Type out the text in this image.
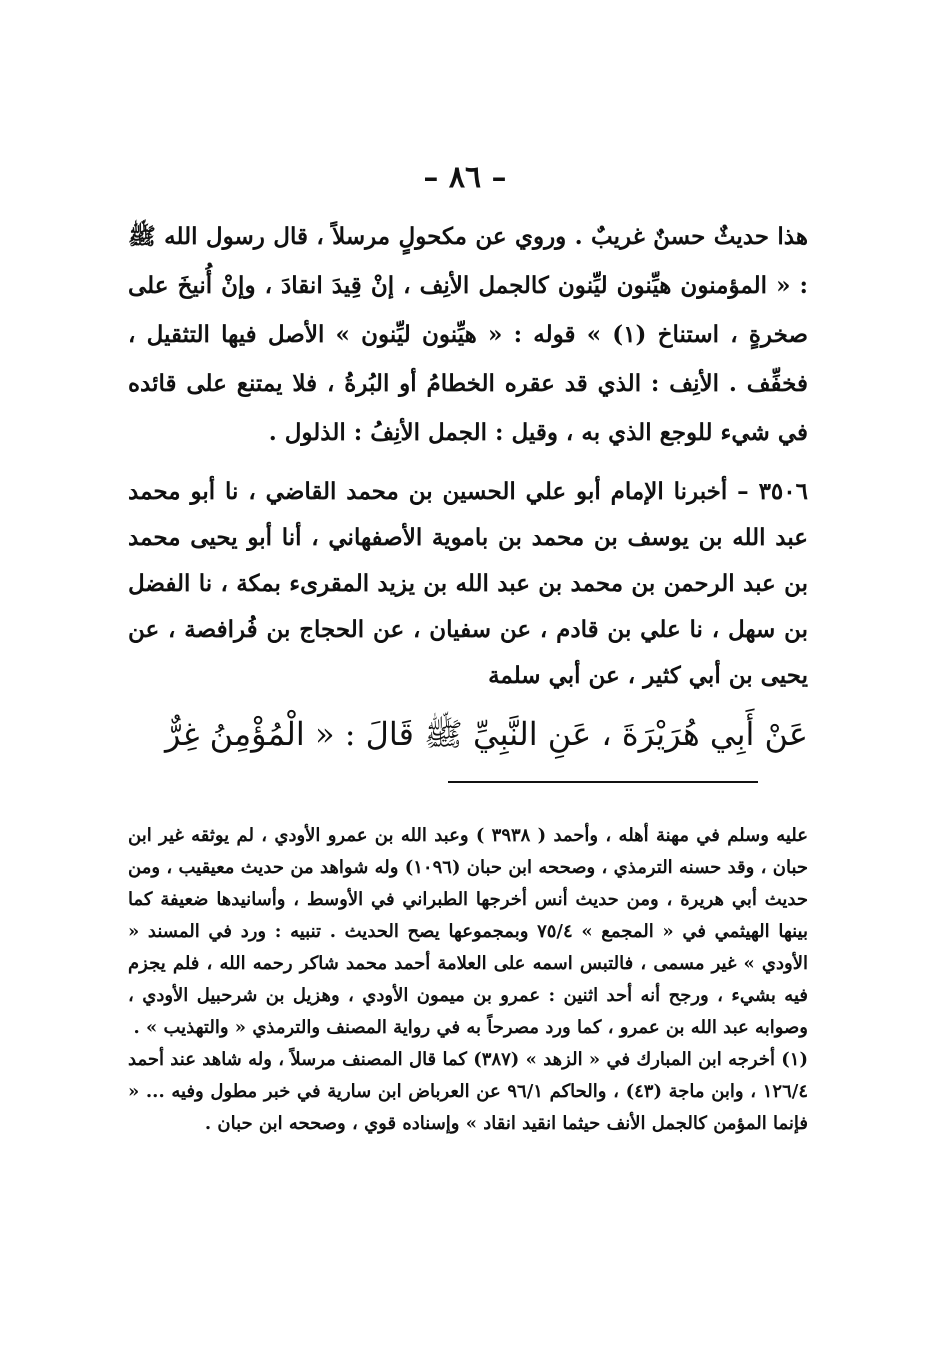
– ٨٦ –

هذا حديثٌ حسنٌ غريبٌ . وروي عن مكحولٍ مرسلاً ، قال رسول الله ﷺ : « المؤمنون هيِّنون ليِّنون كالجمل الأنِف ، إنْ قِيدَ انقادَ ، وإنْ أُنيخَ على صخرةٍ ، استناخ (١) » قوله : « هيِّنون ليِّنون » الأصل فيها التثقيل ، فخفِّف . الأنِف : الذي قد عقره الخطامُ أو البُرةُ ، فلا يمتنع على قائده في شيء للوجع الذي به ، وقيل : الجمل الأنِفُ : الذلول .

٣٥٠٦ – أخبرنا الإمام أبو علي الحسين بن محمد القاضي ، نا أبو محمد عبد الله بن يوسف بن محمد بن باموية الأصفهاني ، أنا أبو يحيى محمد بن عبد الرحمن بن محمد بن عبد الله بن يزيد المقرىء بمكة ، نا الفضل بن سهل ، نا علي بن قادم ، عن سفيان ، عن الحجاج بن فُرافصة ، عن يحيى بن أبي كثير ، عن أبي سلمة

عَنْ أَبِي هُرَيْرَةَ ، عَنِ النَّبِيِّ ﷺ قَالَ : « الْمُؤْمِنُ غِرٌّ

عليه وسلم في مهنة أهله ، وأحمد ( ٣٩٣٨ ) وعبد الله بن عمرو الأودي ، لم يوثقه غير ابن حبان ، وقد حسنه الترمذي ، وصححه ابن حبان (١٠٩٦) وله شواهد من حديث معيقيب ، ومن حديث أبي هريرة ، ومن حديث أنس أخرجها الطبراني في الأوسط ، وأسانيدها ضعيفة كما بينها الهيثمي في « المجمع » ٧٥/٤ وبمجموعها يصح الحديث . تنبيه : ورد في المسند « الأودي » غير مسمى ، فالتبس اسمه على العلامة أحمد محمد شاكر رحمه الله ، فلم يجزم فيه بشيء ، ورجح أنه أحد اثنين : عمرو بن ميمون الأودي ، وهزيل بن شرحبيل الأودي ، وصوابه عبد الله بن عمرو ، كما ورد مصرحاً به في رواية المصنف والترمذي « والتهذيب » .

(١) أخرجه ابن المبارك في « الزهد » (٣٨٧) كما قال المصنف مرسلاً ، وله شاهد عند أحمد ١٢٦/٤ ، وابن ماجة (٤٣) ، والحاكم ٩٦/١ عن العرباض ابن سارية في خبر مطول وفيه ... « فإنما المؤمن كالجمل الأنف حيثما انقيد انقاد » وإسناده قوي ، وصححه ابن حبان .
